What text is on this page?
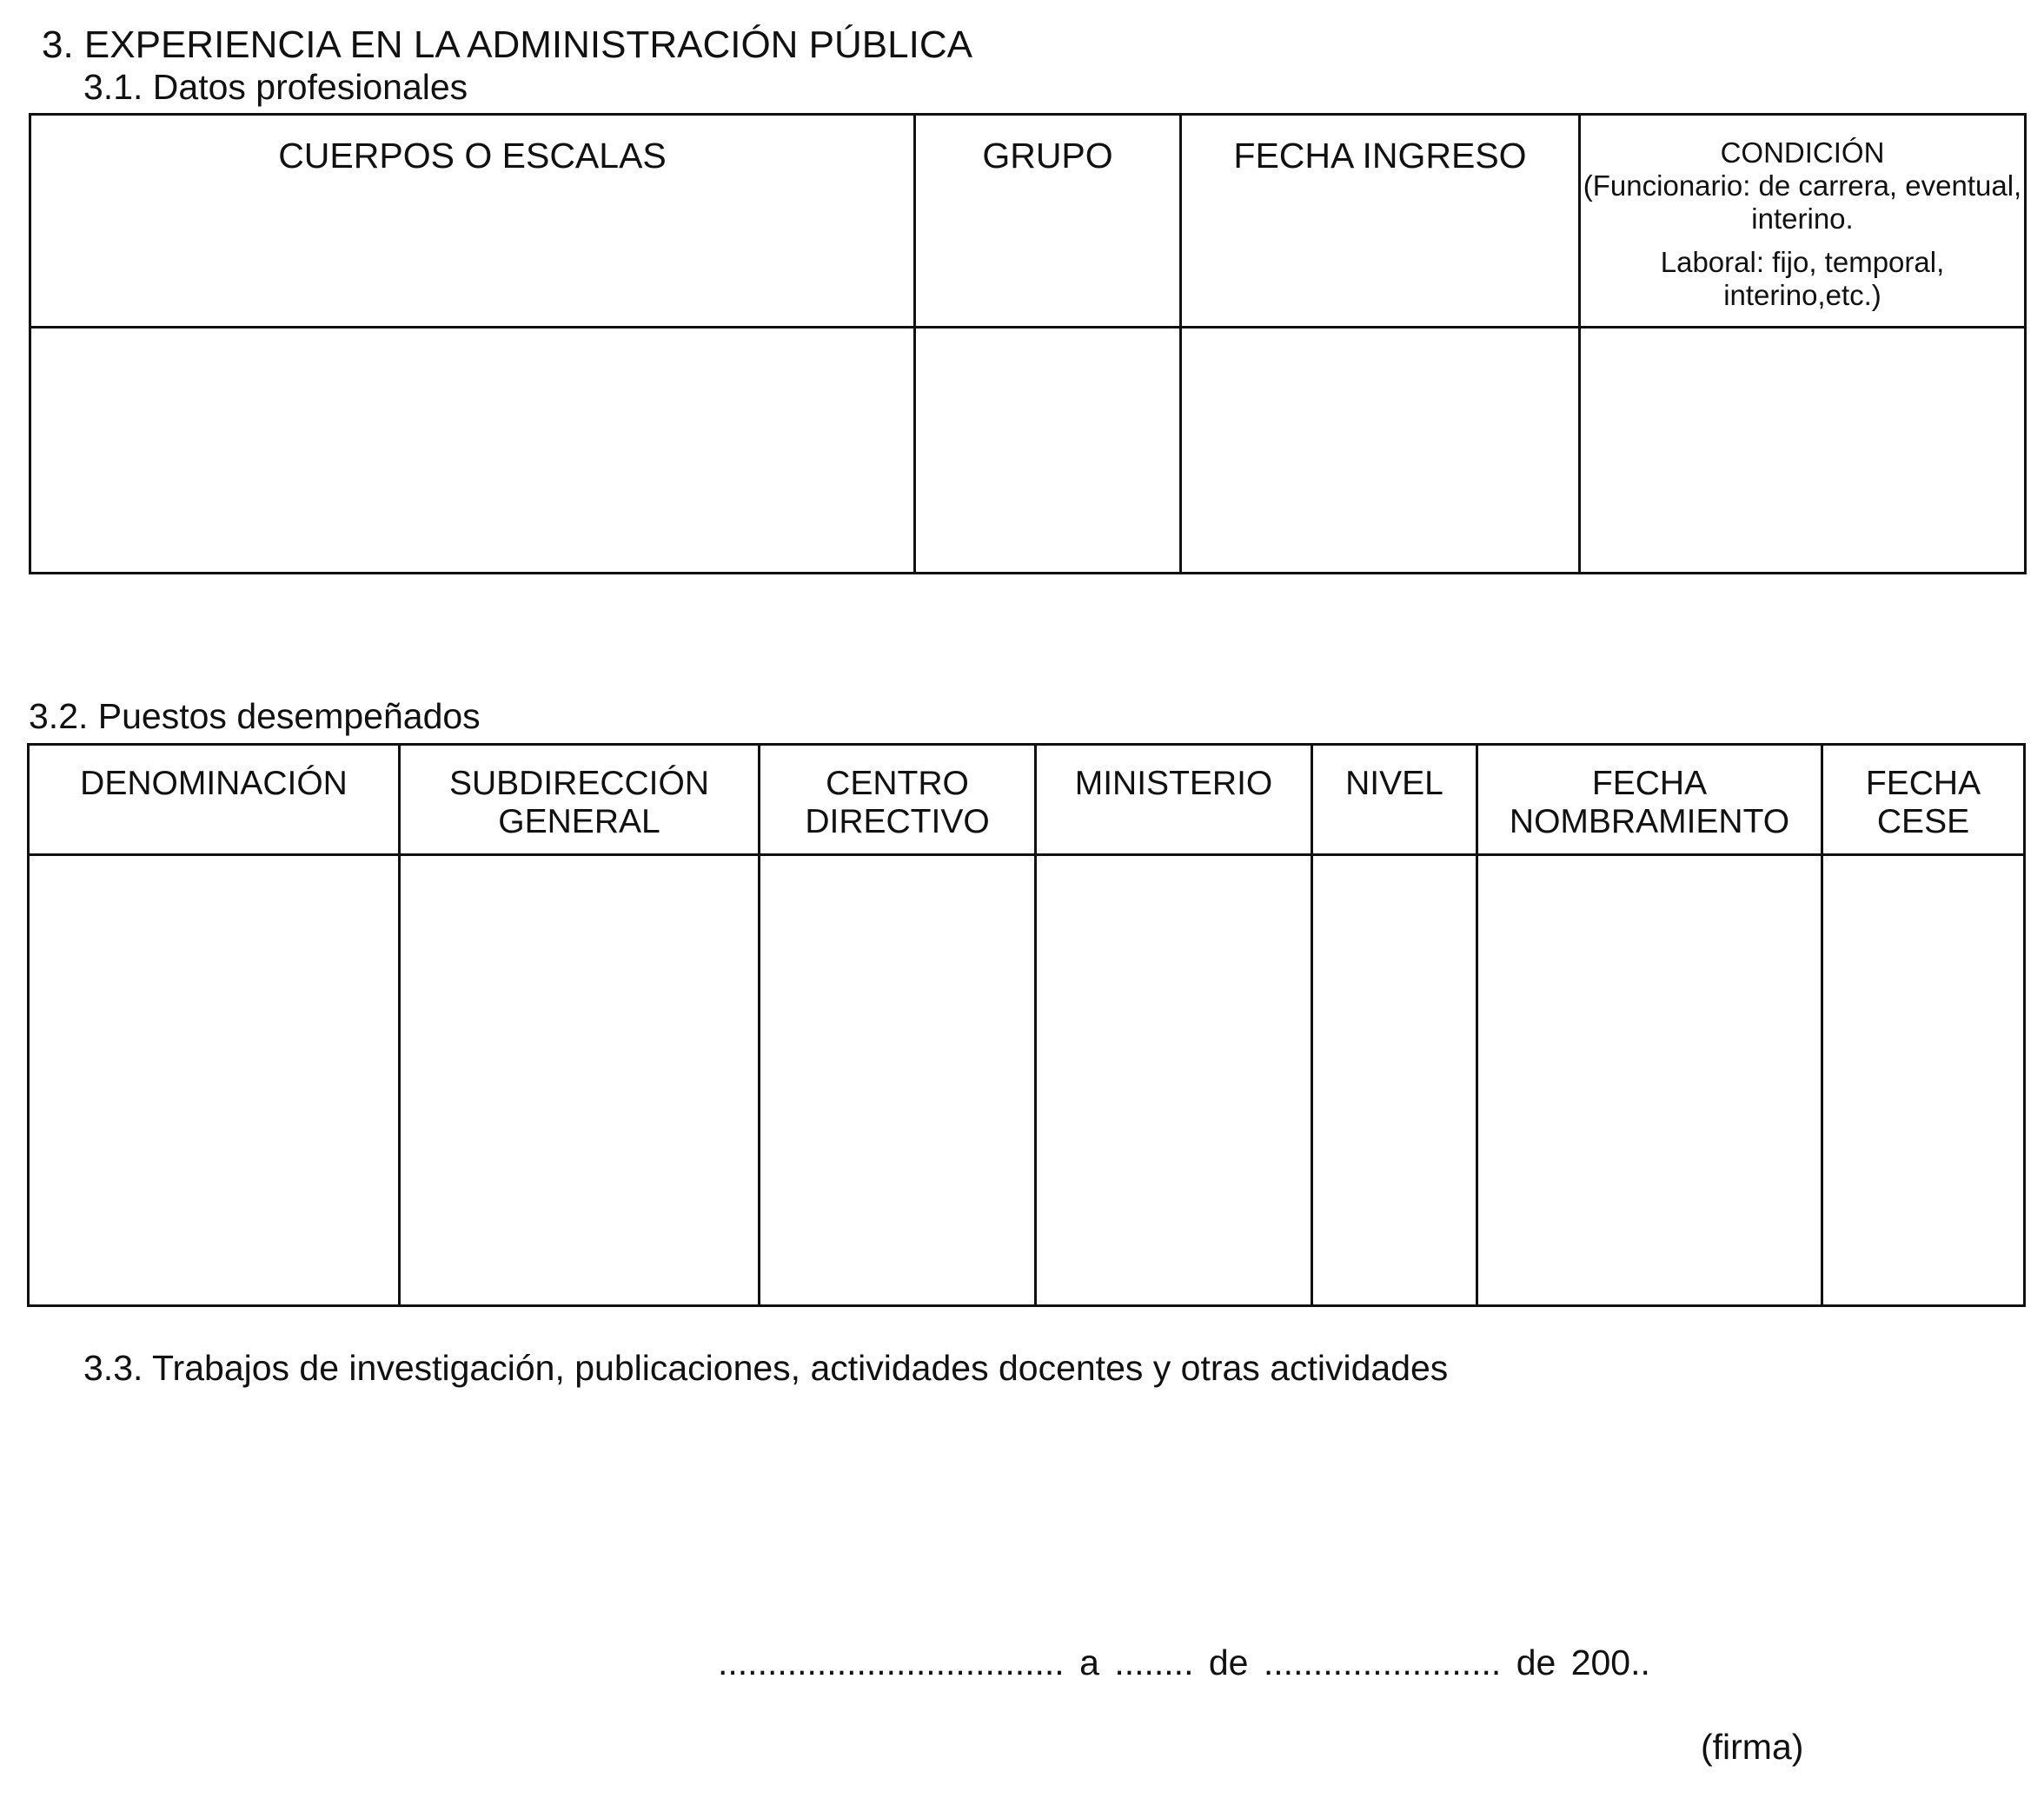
3. EXPERIENCIA EN LA ADMINISTRACIÓN PÚBLICA
3.1. Datos profesionales
CUERPOS O ESCALAS	GRUPO	FECHA INGRESO	CONDICIÓN
(Funcionario: de carrera, eventual, interino.
Laboral: fijo, temporal, interino,etc.)

3.2. Puestos desempeñados
DENOMINACIÓN	SUBDIRECCIÓN GENERAL	CENTRO DIRECTIVO	MINISTERIO	NIVEL	FECHA NOMBRAMIENTO	FECHA CESE

3.3. Trabajos de investigación, publicaciones, actividades docentes y otras actividades
................................... a ........ de ........................ de 200..
(firma)
